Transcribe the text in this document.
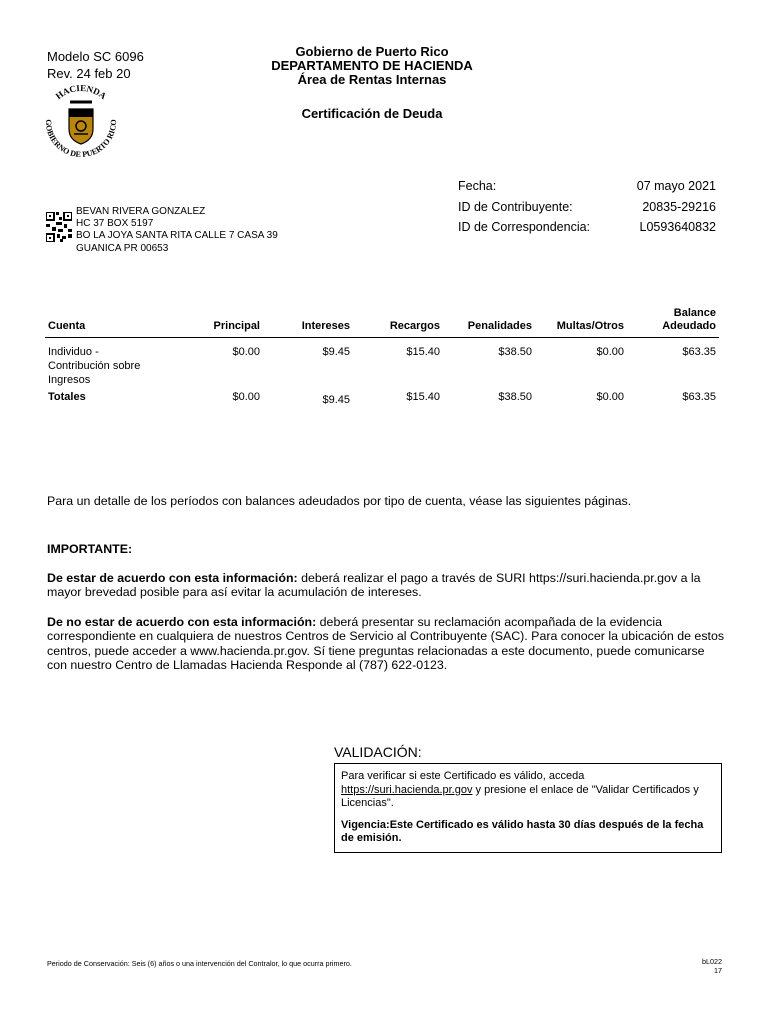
Modelo SC 6096
Rev. 24 feb 20
HACIENDA
GOBIERNO DE PUERTO RICO
Gobierno de Puerto Rico
DEPARTAMENTO DE HACIENDA
Área de Rentas Internas
Certificación de Deuda
Fecha:	07 mayo 2021
ID de Contribuyente:	20835-29216
ID de Correspondencia:	L0593640832
BEVAN RIVERA GONZALEZ
HC 37 BOX 5197
BO LA JOYA SANTA RITA CALLE 7 CASA 39
GUANICA PR 00653
Cuenta	Principal	Intereses	Recargos	Penalidades	Multas/Otros	Balance Adeudado
Individuo - Contribución sobre Ingresos	$0.00	$9.45	$15.40	$38.50	$0.00	$63.35
Totales	$0.00	$9.45	$15.40	$38.50	$0.00	$63.35
Para un detalle de los períodos con balances adeudados por tipo de cuenta, véase las siguientes páginas.
IMPORTANTE:
De estar de acuerdo con esta información: deberá realizar el pago a través de SURI https://suri.hacienda.pr.gov a la mayor brevedad posible para así evitar la acumulación de intereses.
De no estar de acuerdo con esta información: deberá presentar su reclamación acompañada de la evidencia correspondiente en cualquiera de nuestros Centros de Servicio al Contribuyente (SAC). Para conocer la ubicación de estos centros, puede acceder a www.hacienda.pr.gov. Sí tiene preguntas relacionadas a este documento, puede comunicarse con nuestro Centro de Llamadas Hacienda Responde al (787) 622-0123.
VALIDACIÓN:
Para verificar si este Certificado es válido, acceda https://suri.hacienda.pr.gov y presione el enlace de "Validar Certificados y Licencias".
Vigencia:Este Certificado es válido hasta 30 días después de la fecha de emisión.
Periodo de Conservación: Seis (6) años o una intervención del Contralor, lo que ocurra primero.	bL022
17
